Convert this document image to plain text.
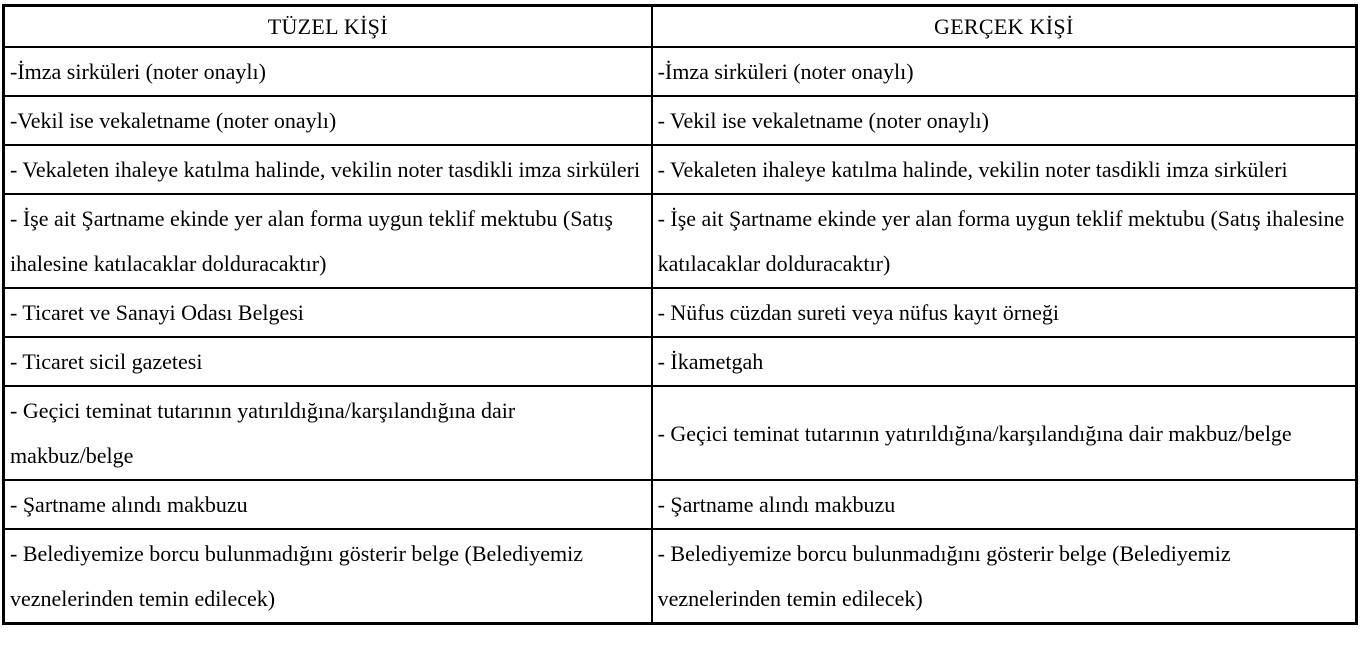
TÜZEL KİŞİ	GERÇEK KİŞİ
-İmza sirküleri (noter onaylı)	-İmza sirküleri (noter onaylı)
-Vekil ise vekaletname (noter onaylı)	- Vekil ise vekaletname (noter onaylı)
- Vekaleten ihaleye katılma halinde, vekilin noter tasdikli imza sirküleri	- Vekaleten ihaleye katılma halinde, vekilin noter tasdikli imza sirküleri
- İşe ait Şartname ekinde yer alan forma uygun teklif mektubu (Satış ihalesine katılacaklar dolduracaktır)	- İşe ait Şartname ekinde yer alan forma uygun teklif mektubu (Satış ihalesine katılacaklar dolduracaktır)
- Ticaret ve Sanayi Odası Belgesi	- Nüfus cüzdan sureti veya nüfus kayıt örneği
- Ticaret sicil gazetesi	- İkametgah
- Geçici teminat tutarının yatırıldığına/karşılandığına dair makbuz/belge	- Geçici teminat tutarının yatırıldığına/karşılandığına dair makbuz/belge
- Şartname alındı makbuzu	- Şartname alındı makbuzu
- Belediyemize borcu bulunmadığını gösterir belge (Belediyemiz veznelerinden temin edilecek)	- Belediyemize borcu bulunmadığını gösterir belge (Belediyemiz veznelerinden temin edilecek)
